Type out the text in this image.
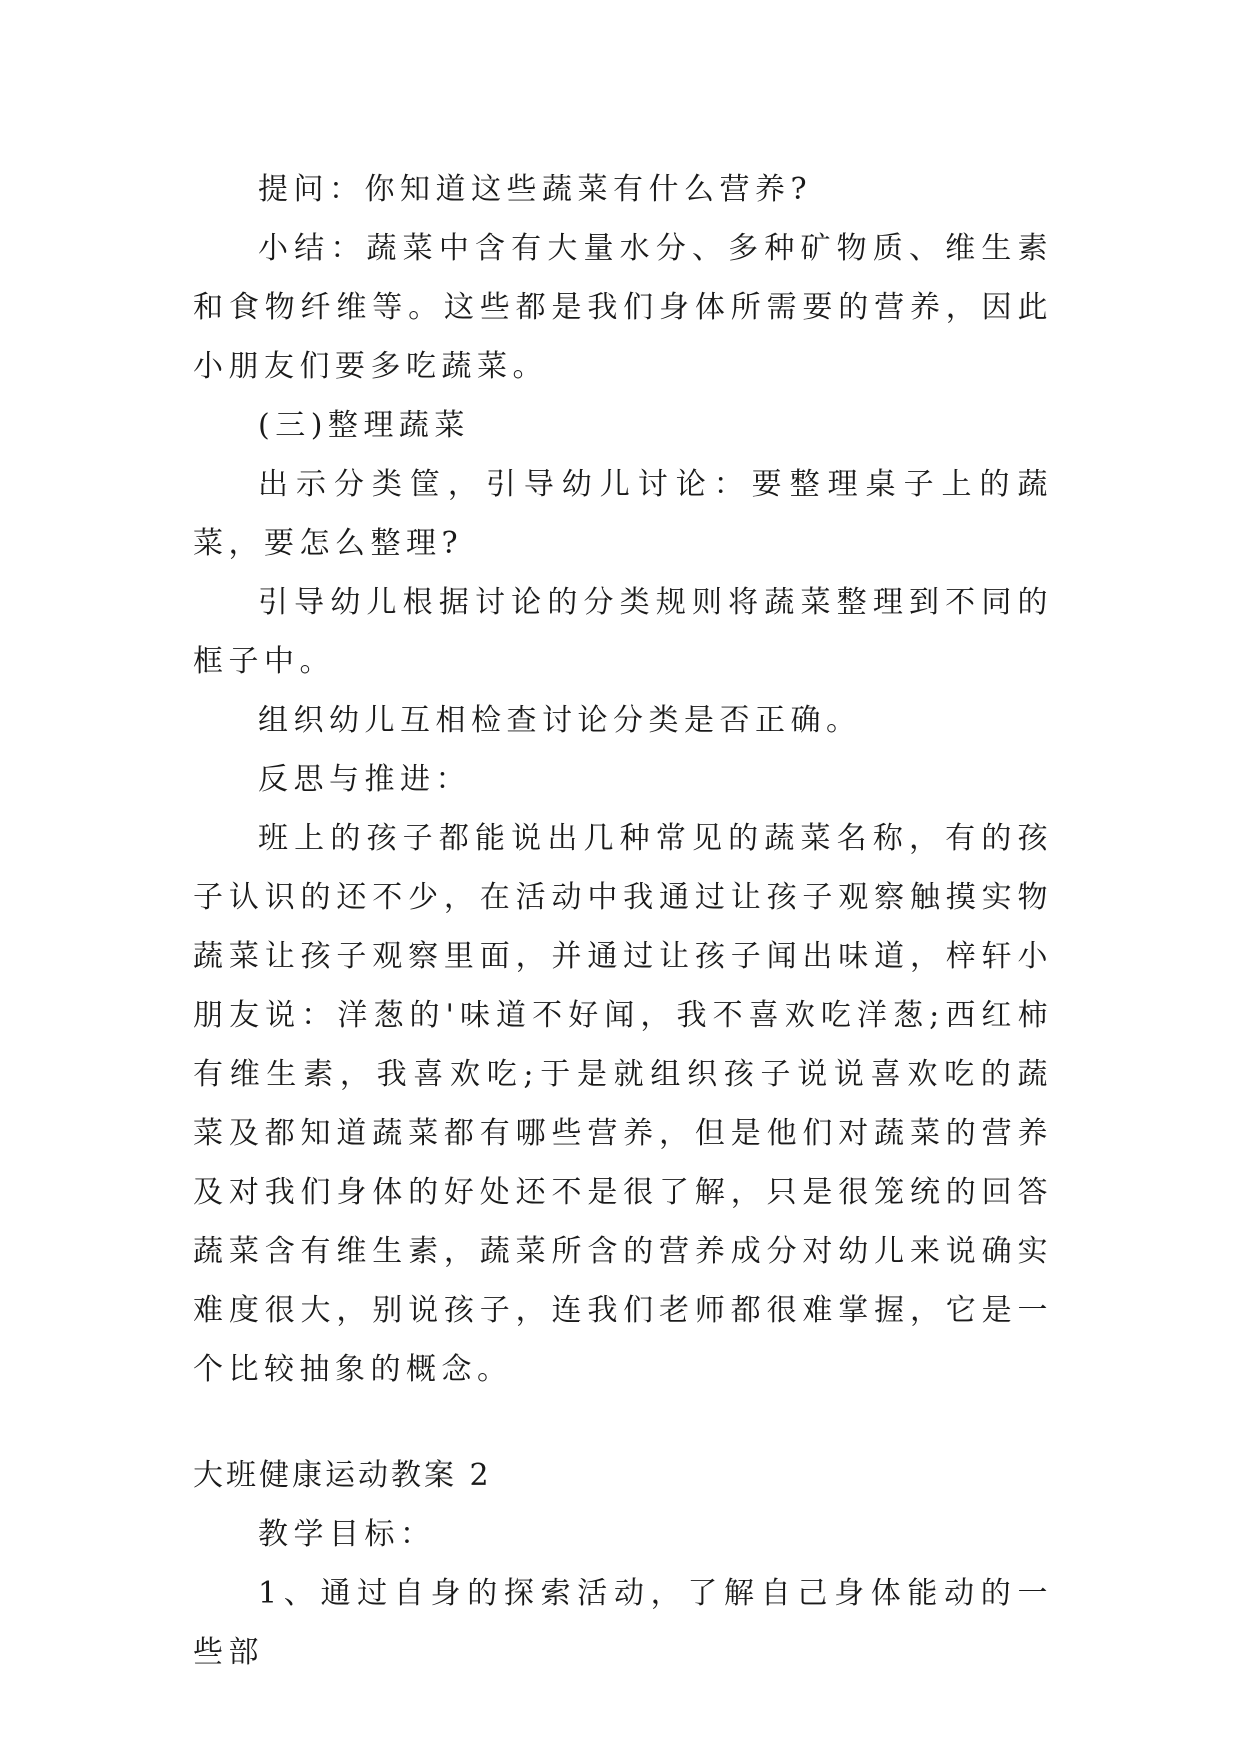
提问：你知道这些蔬菜有什么营养?

小结：蔬菜中含有大量水分、多种矿物质、维生素和食物纤维等。这些都是我们身体所需要的营养，因此小朋友们要多吃蔬菜。

(三)整理蔬菜

出示分类筐，引导幼儿讨论：要整理桌子上的蔬菜，要怎么整理?

引导幼儿根据讨论的分类规则将蔬菜整理到不同的框子中。

组织幼儿互相检查讨论分类是否正确。

反思与推进：

班上的孩子都能说出几种常见的蔬菜名称，有的孩子认识的还不少，在活动中我通过让孩子观察触摸实物蔬菜让孩子观察里面，并通过让孩子闻出味道，梓轩小朋友说：洋葱的'味道不好闻，我不喜欢吃洋葱;西红柿有维生素，我喜欢吃;于是就组织孩子说说喜欢吃的蔬菜及都知道蔬菜都有哪些营养，但是他们对蔬菜的营养及对我们身体的好处还不是很了解，只是很笼统的回答蔬菜含有维生素，蔬菜所含的营养成分对幼儿来说确实难度很大，别说孩子，连我们老师都很难掌握，它是一个比较抽象的概念。

大班健康运动教案 2

教学目标：

1、通过自身的探索活动，了解自己身体能动的一些部
